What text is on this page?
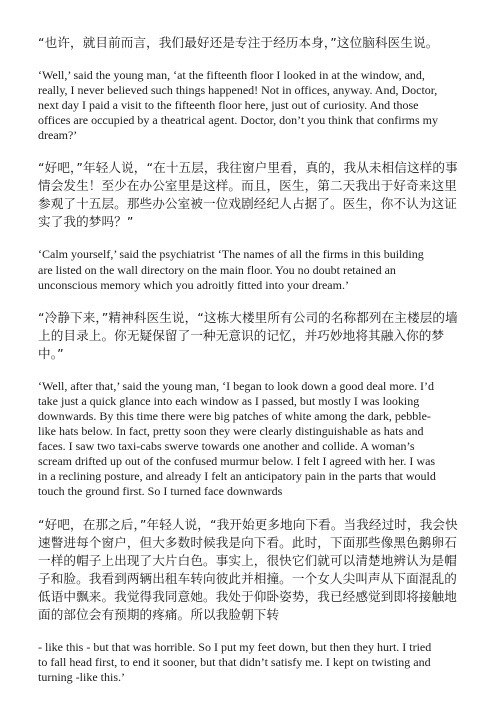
“也许，就目前而言，我们最好还是专注于经历本身，”这位脑科医生说。

‘Well,’ said the young man, ‘at the fifteenth floor I looked in at the window, and,
really, I never believed such things happened! Not in offices, anyway. And, Doctor,
next day I paid a visit to the fifteenth floor here, just out of curiosity. And those
offices are occupied by a theatrical agent. Doctor, don’t you think that confirms my
dream?’

“好吧，”年轻人说，“在十五层，我往窗户里看，真的，我从未相信这样的事
情会发生！至少在办公室里是这样。而且，医生，第二天我出于好奇来这里
参观了十五层。那些办公室被一位戏剧经纪人占据了。医生，你不认为这证
实了我的梦吗？”

‘Calm yourself,’ said the psychiatrist ‘The names of all the firms in this building
are listed on the wall directory on the main floor. You no doubt retained an
unconscious memory which you adroitly fitted into your dream.’

“冷静下来，”精神科医生说，“这栋大楼里所有公司的名称都列在主楼层的墙
上的目录上。你无疑保留了一种无意识的记忆，并巧妙地将其融入你的梦
中。”

‘Well, after that,’ said the young man, ‘I began to look down a good deal more. I’d
take just a quick glance into each window as I passed, but mostly I was looking
downwards. By this time there were big patches of white among the dark, pebble-
like hats below. In fact, pretty soon they were clearly distinguishable as hats and
faces. I saw two taxi-cabs swerve towards one another and collide. A woman’s
scream drifted up out of the confused murmur below. I felt I agreed with her. I was
in a reclining posture, and already I felt an anticipatory pain in the parts that would
touch the ground first. So I turned face downwards

“好吧，在那之后，”年轻人说，“我开始更多地向下看。当我经过时，我会快
速瞥进每个窗户，但大多数时候我是向下看。此时，下面那些像黑色鹅卵石
一样的帽子上出现了大片白色。事实上，很快它们就可以清楚地辨认为是帽
子和脸。我看到两辆出租车转向彼此并相撞。一个女人尖叫声从下面混乱的
低语中飘来。我觉得我同意她。我处于仰卧姿势，我已经感觉到即将接触地
面的部位会有预期的疼痛。所以我脸朝下转

- like this - but that was horrible. So I put my feet down, but then they hurt. I tried
to fall head first, to end it sooner, but that didn’t satisfy me. I kept on twisting and
turning -like this.’
